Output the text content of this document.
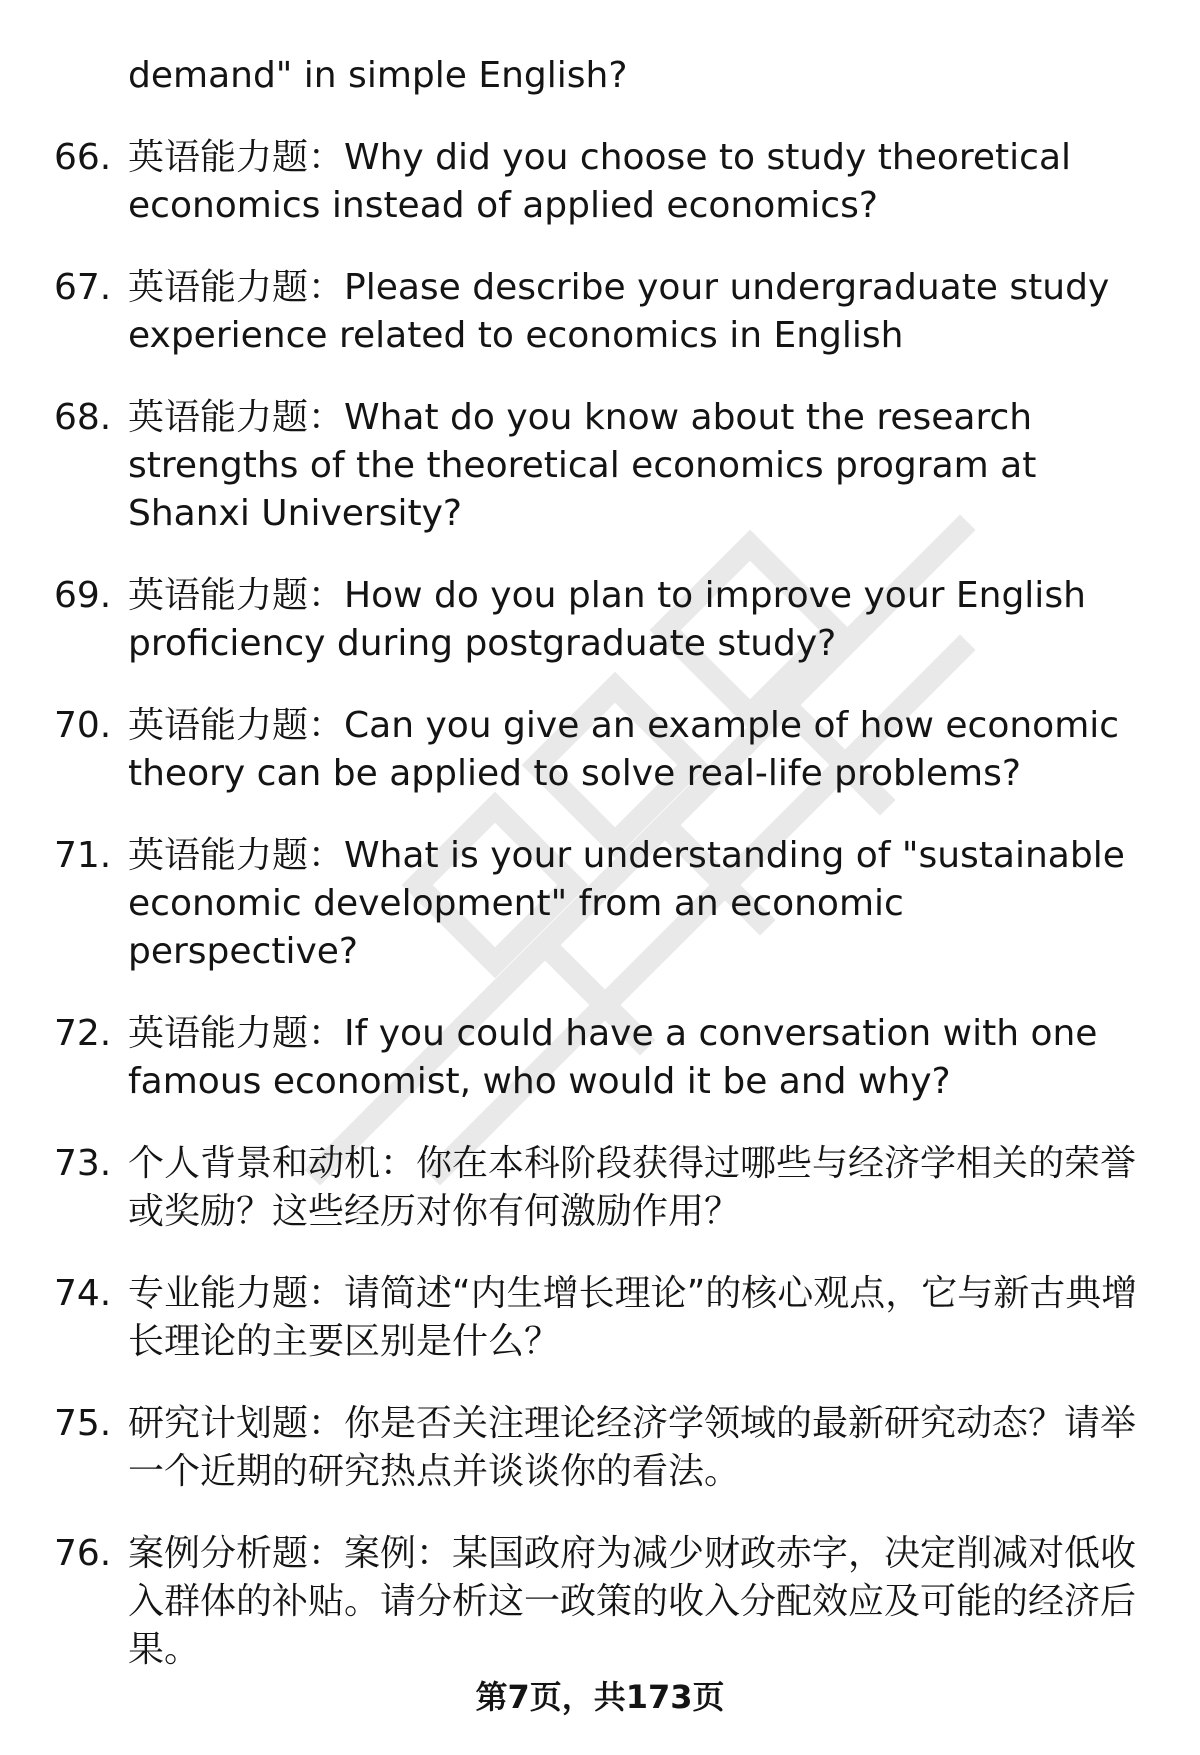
demand" in simple English?
66. 英语能力题：Why did you choose to study theoretical economics instead of applied economics?
67. 英语能力题：Please describe your undergraduate study experience related to economics in English
68. 英语能力题：What do you know about the research strengths of the theoretical economics program at Shanxi University?
69. 英语能力题：How do you plan to improve your English proficiency during postgraduate study?
70. 英语能力题：Can you give an example of how economic theory can be applied to solve real-life problems?
71. 英语能力题：What is your understanding of "sustainable economic development" from an economic perspective?
72. 英语能力题：If you could have a conversation with one famous economist, who would it be and why?
73. 个人背景和动机：你在本科阶段获得过哪些与经济学相关的荣誉或奖励？这些经历对你有何激励作用？
74. 专业能力题：请简述“内生增长理论”的核心观点，它与新古典增长理论的主要区别是什么？
75. 研究计划题：你是否关注理论经济学领域的最新研究动态？请举一个近期的研究热点并谈谈你的看法。
76. 案例分析题：案例：某国政府为减少财政赤字，决定削减对低收入群体的补贴。请分析这一政策的收入分配效应及可能的经济后果。
第7页，共173页
